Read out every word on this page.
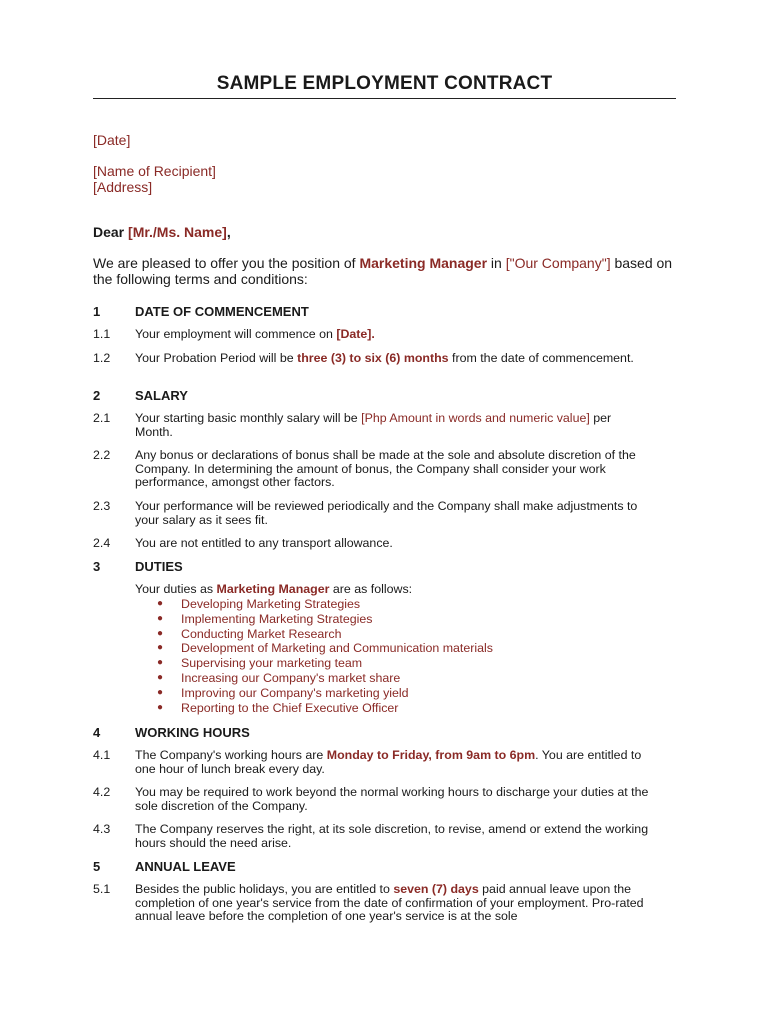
SAMPLE EMPLOYMENT CONTRACT
[Date]
[Name of Recipient]
[Address]
Dear [Mr./Ms. Name],
We are pleased to offer you the position of Marketing Manager in ["Our Company"] based on the following terms and conditions:
1	DATE OF COMMENCEMENT
1.1 Your employment will commence on [Date].
1.2 Your Probation Period will be three (3) to six (6) months from the date of commencement.
2	SALARY
2.1 Your starting basic monthly salary will be [Php Amount in words and numeric value] per Month.
2.2 Any bonus or declarations of bonus shall be made at the sole and absolute discretion of the Company. In determining the amount of bonus, the Company shall consider your work performance, amongst other factors.
2.3 Your performance will be reviewed periodically and the Company shall make adjustments to your salary as it sees fit.
2.4 You are not entitled to any transport allowance.
3	DUTIES
Your duties as Marketing Manager are as follows:
● Developing Marketing Strategies
● Implementing Marketing Strategies
● Conducting Market Research
● Development of Marketing and Communication materials
● Supervising your marketing team
● Increasing our Company's market share
● Improving our Company's marketing yield
● Reporting to the Chief Executive Officer
4	WORKING HOURS
4.1 The Company's working hours are Monday to Friday, from 9am to 6pm. You are entitled to one hour of lunch break every day.
4.2 You may be required to work beyond the normal working hours to discharge your duties at the sole discretion of the Company.
4.3 The Company reserves the right, at its sole discretion, to revise, amend or extend the working hours should the need arise.
5	ANNUAL LEAVE
5.1 Besides the public holidays, you are entitled to seven (7) days paid annual leave upon the completion of one year's service from the date of confirmation of your employment. Pro-rated annual leave before the completion of one year's service is at the sole
